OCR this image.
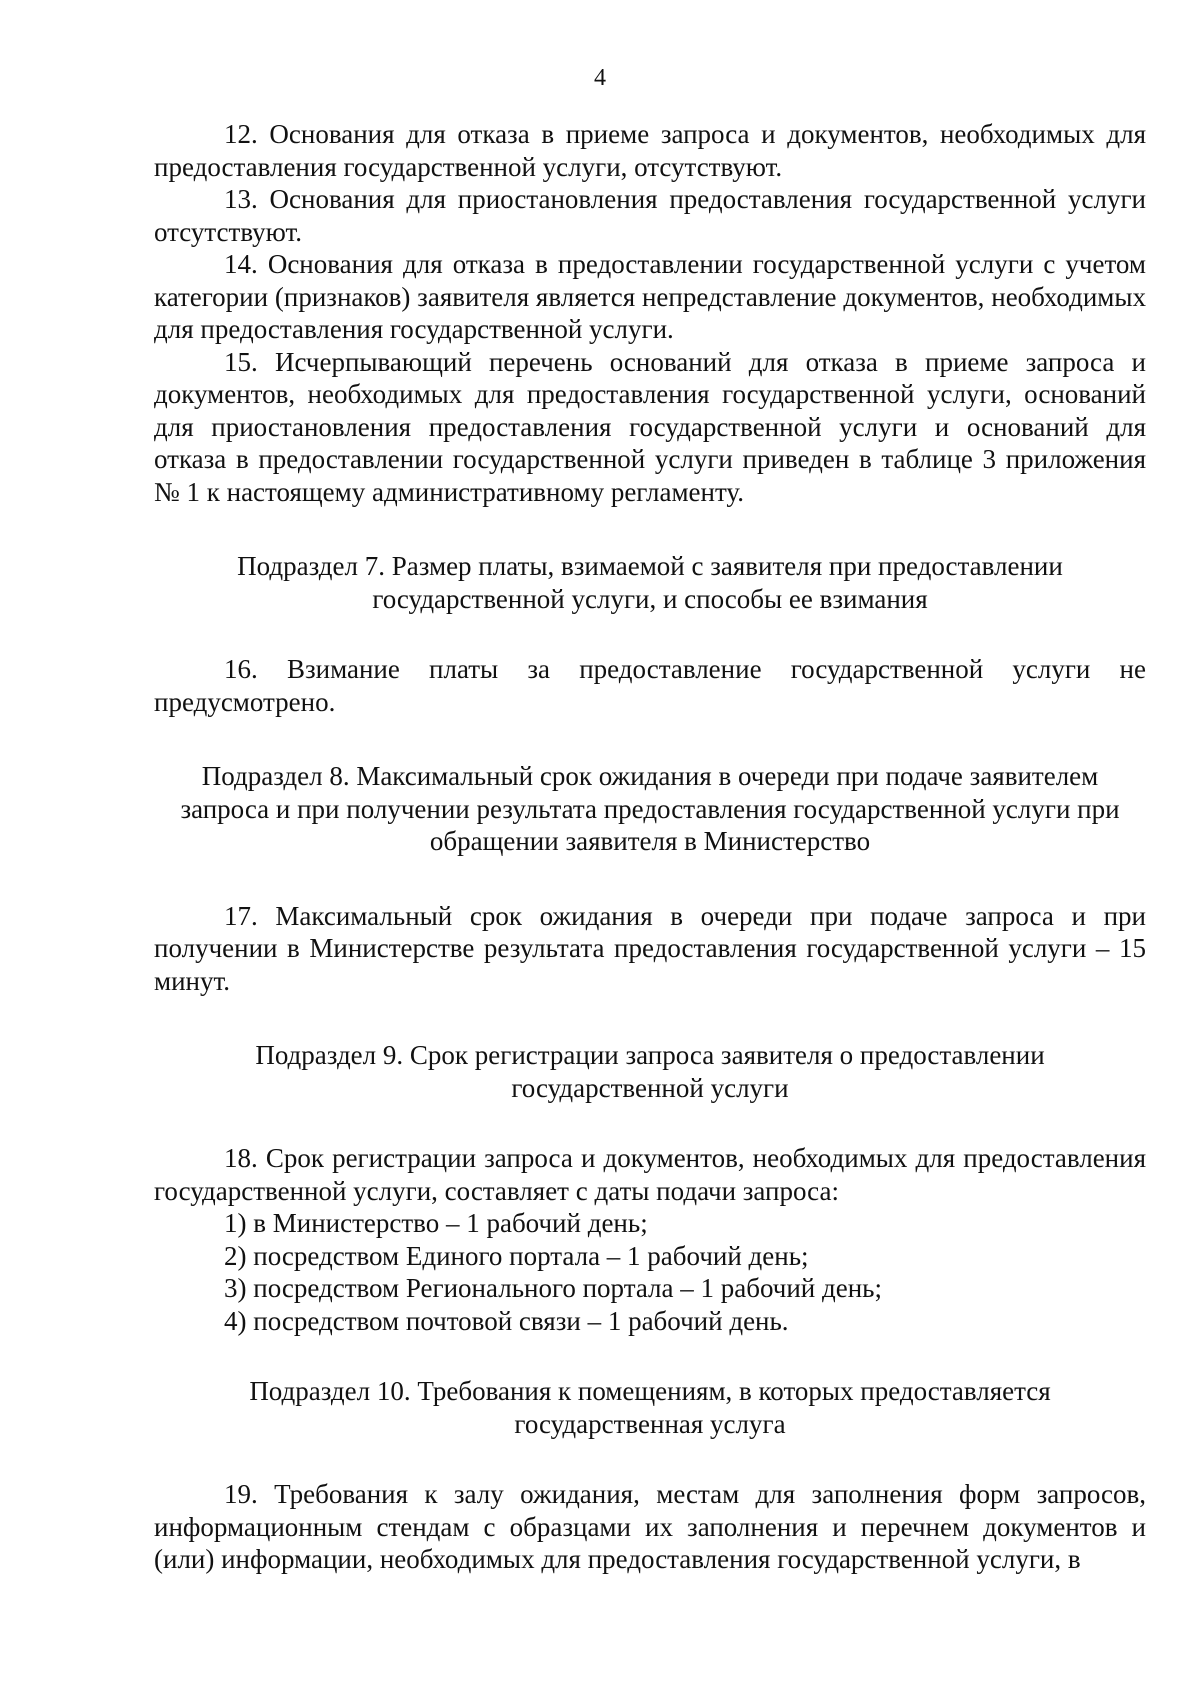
4

12. Основания для отказа в приеме запроса и документов, необходимых для предоставления государственной услуги, отсутствуют.

13. Основания для приостановления предоставления государственной услуги отсутствуют.

14. Основания для отказа в предоставлении государственной услуги с учетом категории (признаков) заявителя является непредставление документов, необходимых для предоставления государственной услуги.

15. Исчерпывающий перечень оснований для отказа в приеме запроса и документов, необходимых для предоставления государственной услуги, оснований для приостановления предоставления государственной услуги и оснований для отказа в предоставлении государственной услуги приведен в таблице 3 приложения № 1 к настоящему административному регламенту.

Подраздел 7. Размер платы, взимаемой с заявителя при предоставлении государственной услуги, и способы ее взимания

16. Взимание платы за предоставление государственной услуги не предусмотрено.

Подраздел 8. Максимальный срок ожидания в очереди при подаче заявителем запроса и при получении результата предоставления государственной услуги при обращении заявителя в Министерство

17. Максимальный срок ожидания в очереди при подаче запроса и при получении в Министерстве результата предоставления государственной услуги – 15 минут.

Подраздел 9. Срок регистрации запроса заявителя о предоставлении государственной услуги

18. Срок регистрации запроса и документов, необходимых для предоставления государственной услуги, составляет с даты подачи запроса:

1) в Министерство – 1 рабочий день;

2) посредством Единого портала – 1 рабочий день;

3) посредством Регионального портала – 1 рабочий день;

4) посредством почтовой связи – 1 рабочий день.

Подраздел 10. Требования к помещениям, в которых предоставляется государственная услуга

19. Требования к залу ожидания, местам для заполнения форм запросов, информационным стендам с образцами их заполнения и перечнем документов и (или) информации, необходимых для предоставления государственной услуги, в
